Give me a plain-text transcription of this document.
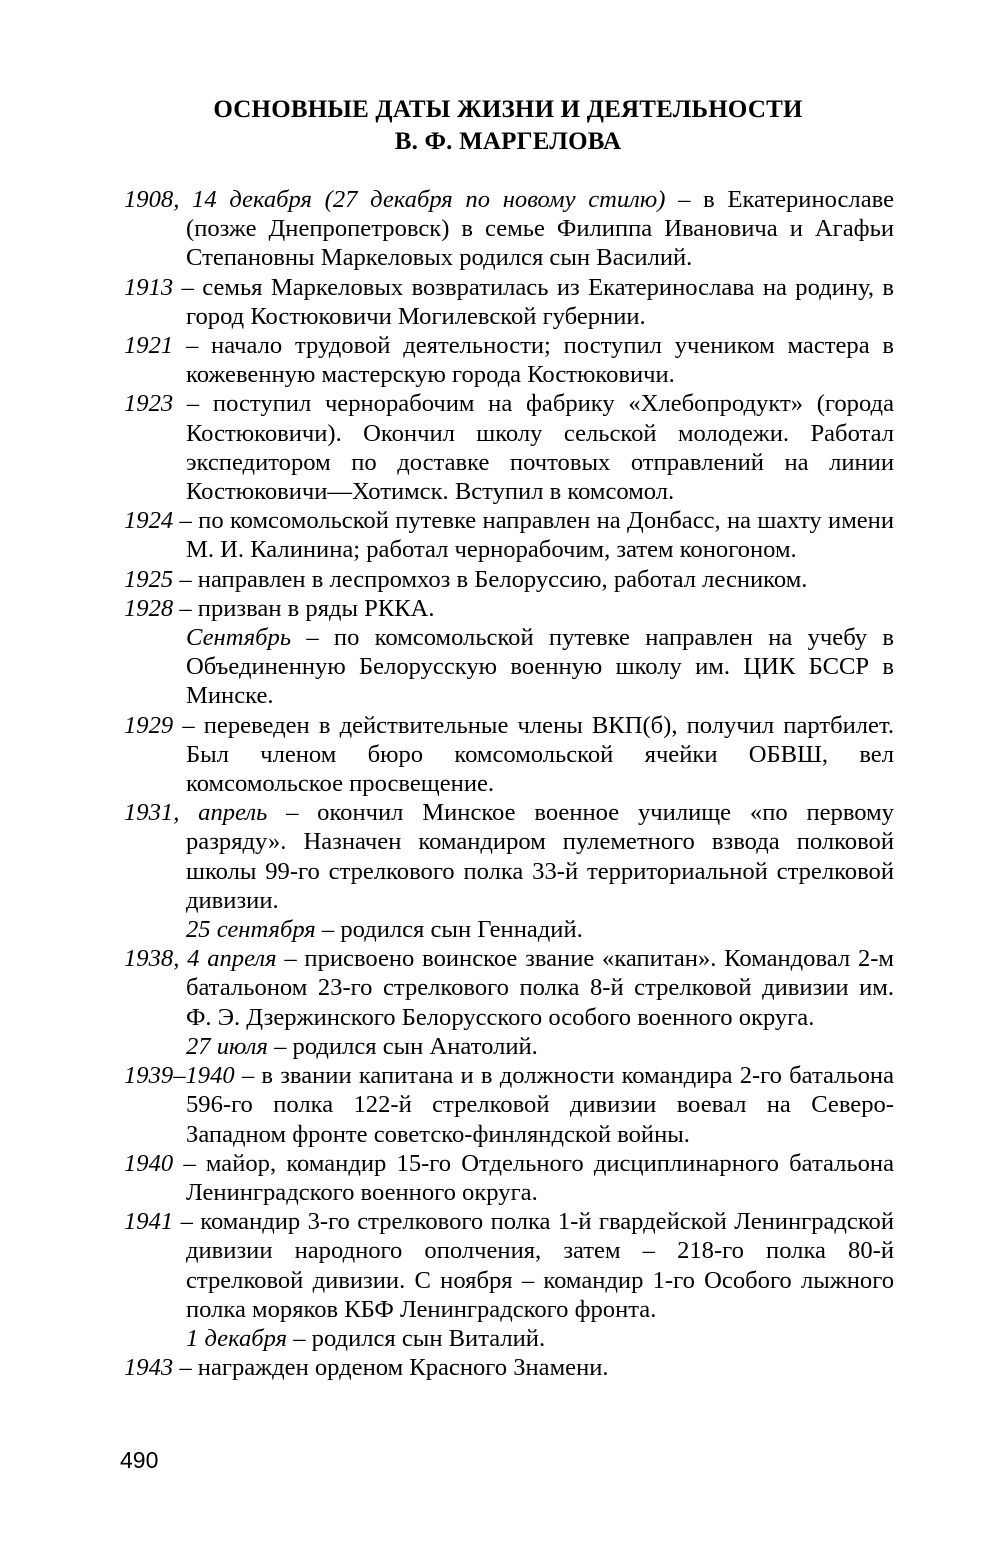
ОСНОВНЫЕ ДАТЫ ЖИЗНИ И ДЕЯТЕЛЬНОСТИ
В. Ф. МАРГЕЛОВА

1908, 14 декабря (27 декабря по новому стилю) – в Екатеринославе (позже Днепропетровск) в семье Филиппа Ивановича и Агафьи Степановны Маркеловых родился сын Василий.

1913 – семья Маркеловых возвратилась из Екатеринослава на родину, в город Костюковичи Могилевской губернии.

1921 – начало трудовой деятельности; поступил учеником мастера в кожевенную мастерскую города Костюковичи.

1923 – поступил чернорабочим на фабрику «Хлебопродукт» (города Костюковичи). Окончил школу сельской молодежи. Работал экспедитором по доставке почтовых отправлений на линии Костюковичи—Хотимск. Вступил в комсомол.

1924 – по комсомольской путевке направлен на Донбасс, на шахту имени М. И. Калинина; работал чернорабочим, затем коногоном.

1925 – направлен в леспромхоз в Белоруссию, работал лесником.

1928 – призван в ряды РККА.

Сентябрь – по комсомольской путевке направлен на учебу в Объединенную Белорусскую военную школу им. ЦИК БССР в Минске.

1929 – переведен в действительные члены ВКП(б), получил партбилет. Был членом бюро комсомольской ячейки ОБВШ, вел комсомольское просвещение.

1931, апрель – окончил Минское военное училище «по первому разряду». Назначен командиром пулеметного взвода полковой школы 99-го стрелкового полка 33-й территориальной стрелковой дивизии.

25 сентября – родился сын Геннадий.

1938, 4 апреля – присвоено воинское звание «капитан». Командовал 2-м батальоном 23-го стрелкового полка 8-й стрелковой дивизии им. Ф. Э. Дзержинского Белорусского особого военного округа.

27 июля – родился сын Анатолий.

1939–1940 – в звании капитана и в должности командира 2-го батальона 596-го полка 122-й стрелковой дивизии воевал на Северо-Западном фронте советско-финляндской войны.

1940 – майор, командир 15-го Отдельного дисциплинарного батальона Ленинградского военного округа.

1941 – командир 3-го стрелкового полка 1-й гвардейской Ленинградской дивизии народного ополчения, затем – 218-го полка 80-й стрелковой дивизии. С ноября – командир 1-го Особого лыжного полка моряков КБФ Ленинградского фронта.

1 декабря – родился сын Виталий.

1943 – награжден орденом Красного Знамени.

490
